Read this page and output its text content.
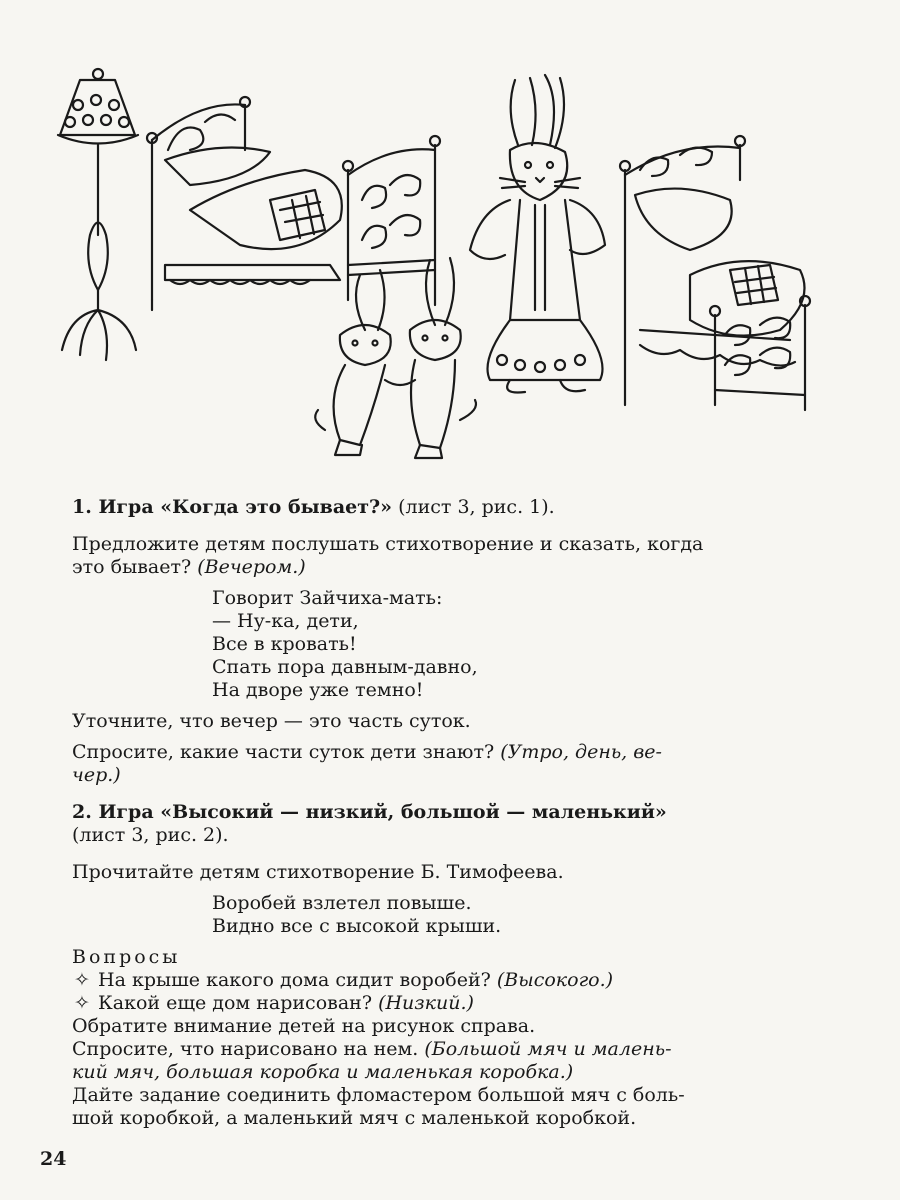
1. Игра «Когда это бывает?» (лист 3, рис. 1).

Предложите детям послушать стихотворение и сказать, когда
это бывает? (Вечером.)

Говорит Зайчиха-мать:
— Ну-ка, дети,
Все в кровать!
Спать пора давным-давно,
На дворе уже темно!

Уточните, что вечер — это часть суток.

Спросите, какие части суток дети знают? (Утро, день, ве-
чер.)

2. Игра «Высокий — низкий, большой — маленький»
(лист 3, рис. 2).

Прочитайте детям стихотворение Б. Тимофеева.

Воробей взлетел повыше.
Видно все с высокой крыши.

Вопросы

✧ На крыше какого дома сидит воробей? (Высокого.)
✧ Какой еще дом нарисован? (Низкий.)

Обратите внимание детей на рисунок справа.

Спросите, что нарисовано на нем. (Большой мяч и малень-
кий мяч, большая коробка и маленькая коробка.)

Дайте задание соединить фломастером большой мяч с боль-
шой коробкой, а маленький мяч с маленькой коробкой.

24
